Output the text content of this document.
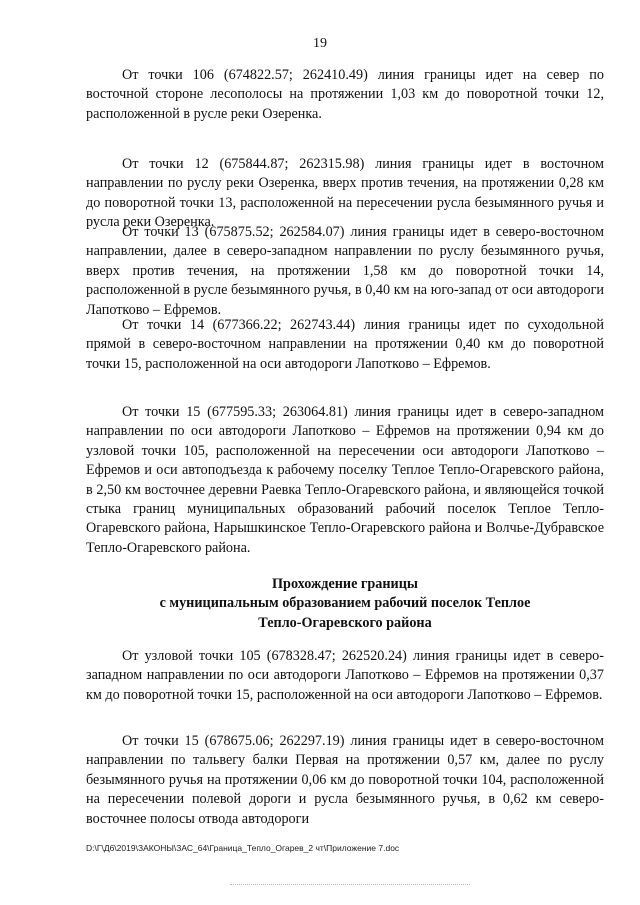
19

От точки 106 (674822.57; 262410.49) линия границы идет на север по восточной стороне лесополосы на протяжении 1,03 км до поворотной точки 12, расположенной в русле реки Озеренка.

От точки 12 (675844.87; 262315.98) линия границы идет в восточном направлении по руслу реки Озеренка, вверх против течения, на протяжении 0,28 км до поворотной точки 13, расположенной на пересечении русла безымянного ручья и русла реки Озеренка.

От точки 13 (675875.52; 262584.07) линия границы идет в северо-восточном направлении, далее в северо-западном направлении по руслу безымянного ручья, вверх против течения, на протяжении 1,58 км до поворотной точки 14, расположенной в русле безымянного ручья, в 0,40 км на юго-запад от оси автодороги Лапотково – Ефремов.

От точки 14 (677366.22; 262743.44) линия границы идет по суходольной прямой в северо-восточном направлении на протяжении 0,40 км до поворотной точки 15, расположенной на оси автодороги Лапотково – Ефремов.

От точки 15 (677595.33; 263064.81) линия границы идет в северо-западном направлении по оси автодороги Лапотково – Ефремов на протяжении 0,94 км до узловой точки 105, расположенной на пересечении оси автодороги Лапотково – Ефремов и оси автоподъезда к рабочему поселку Теплое Тепло-Огаревского района, в 2,50 км восточнее деревни Раевка Тепло-Огаревского района, и являющейся точкой стыка границ муниципальных образований рабочий поселок Теплое Тепло-Огаревского района, Нарышкинское Тепло-Огаревского района и Волчье-Дубравское Тепло-Огаревского района.

Прохождение границы
с муниципальным образованием рабочий поселок Теплое
Тепло-Огаревского района

От узловой точки 105 (678328.47; 262520.24) линия границы идет в северо-западном направлении по оси автодороги Лапотково – Ефремов на протяжении 0,37 км до поворотной точки 15, расположенной на оси автодороги Лапотково – Ефремов.

От точки 15 (678675.06; 262297.19) линия границы идет в северо-восточном направлении по тальвегу балки Первая на протяжении 0,57 км, далее по руслу безымянного ручья на протяжении 0,06 км до поворотной точки 104, расположенной на пересечении полевой дороги и русла безымянного ручья, в 0,62 км северо-восточнее полосы отвода автодороги

D:\Г\Д6\2019\ЗАКОНЫ\ЗАС_64\Граница_Тепло_Огарев_2 чт\Приложение 7.doc
